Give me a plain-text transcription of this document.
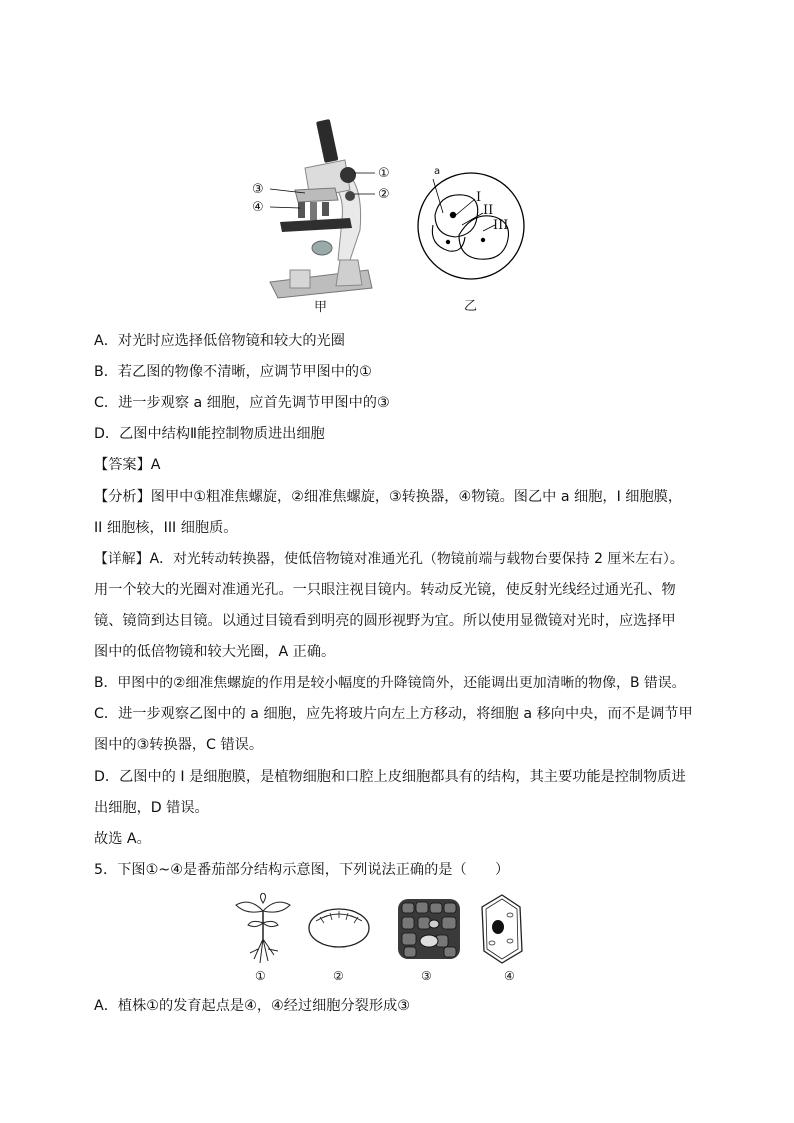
①
②
③
④
甲
a
I
II
III
乙
A．对光时应选择低倍物镜和较大的光圈
B．若乙图的物像不清晰，应调节甲图中的①
C．进一步观察 a 细胞，应首先调节甲图中的③
D．乙图中结构Ⅱ能控制物质进出细胞
【答案】A
【分析】图甲中①粗准焦螺旋，②细准焦螺旋，③转换器，④物镜。图乙中 a 细胞，I 细胞膜，
II 细胞核，III 细胞质。
【详解】A．对光转动转换器，使低倍物镜对准通光孔（物镜前端与载物台要保持 2 厘米左右）。
用一个较大的光圈对准通光孔。一只眼注视目镜内。转动反光镜，使反射光线经过通光孔、物
镜、镜筒到达目镜。以通过目镜看到明亮的圆形视野为宜。所以使用显微镜对光时，应选择甲
图中的低倍物镜和较大光圈，A 正确。
B．甲图中的②细准焦螺旋的作用是较小幅度的升降镜筒外，还能调出更加清晰的物像，B 错误。
C．进一步观察乙图中的 a 细胞，应先将玻片向左上方移动，将细胞 a 移向中央，而不是调节甲
图中的③转换器，C 错误。
D．乙图中的 I 是细胞膜，是植物细胞和口腔上皮细胞都具有的结构，其主要功能是控制物质进
出细胞，D 错误。
故选 A。
5．下图①~④是番茄部分结构示意图，下列说法正确的是（　　）
①	②	③	④
A．植株①的发育起点是④，④经过细胞分裂形成③
